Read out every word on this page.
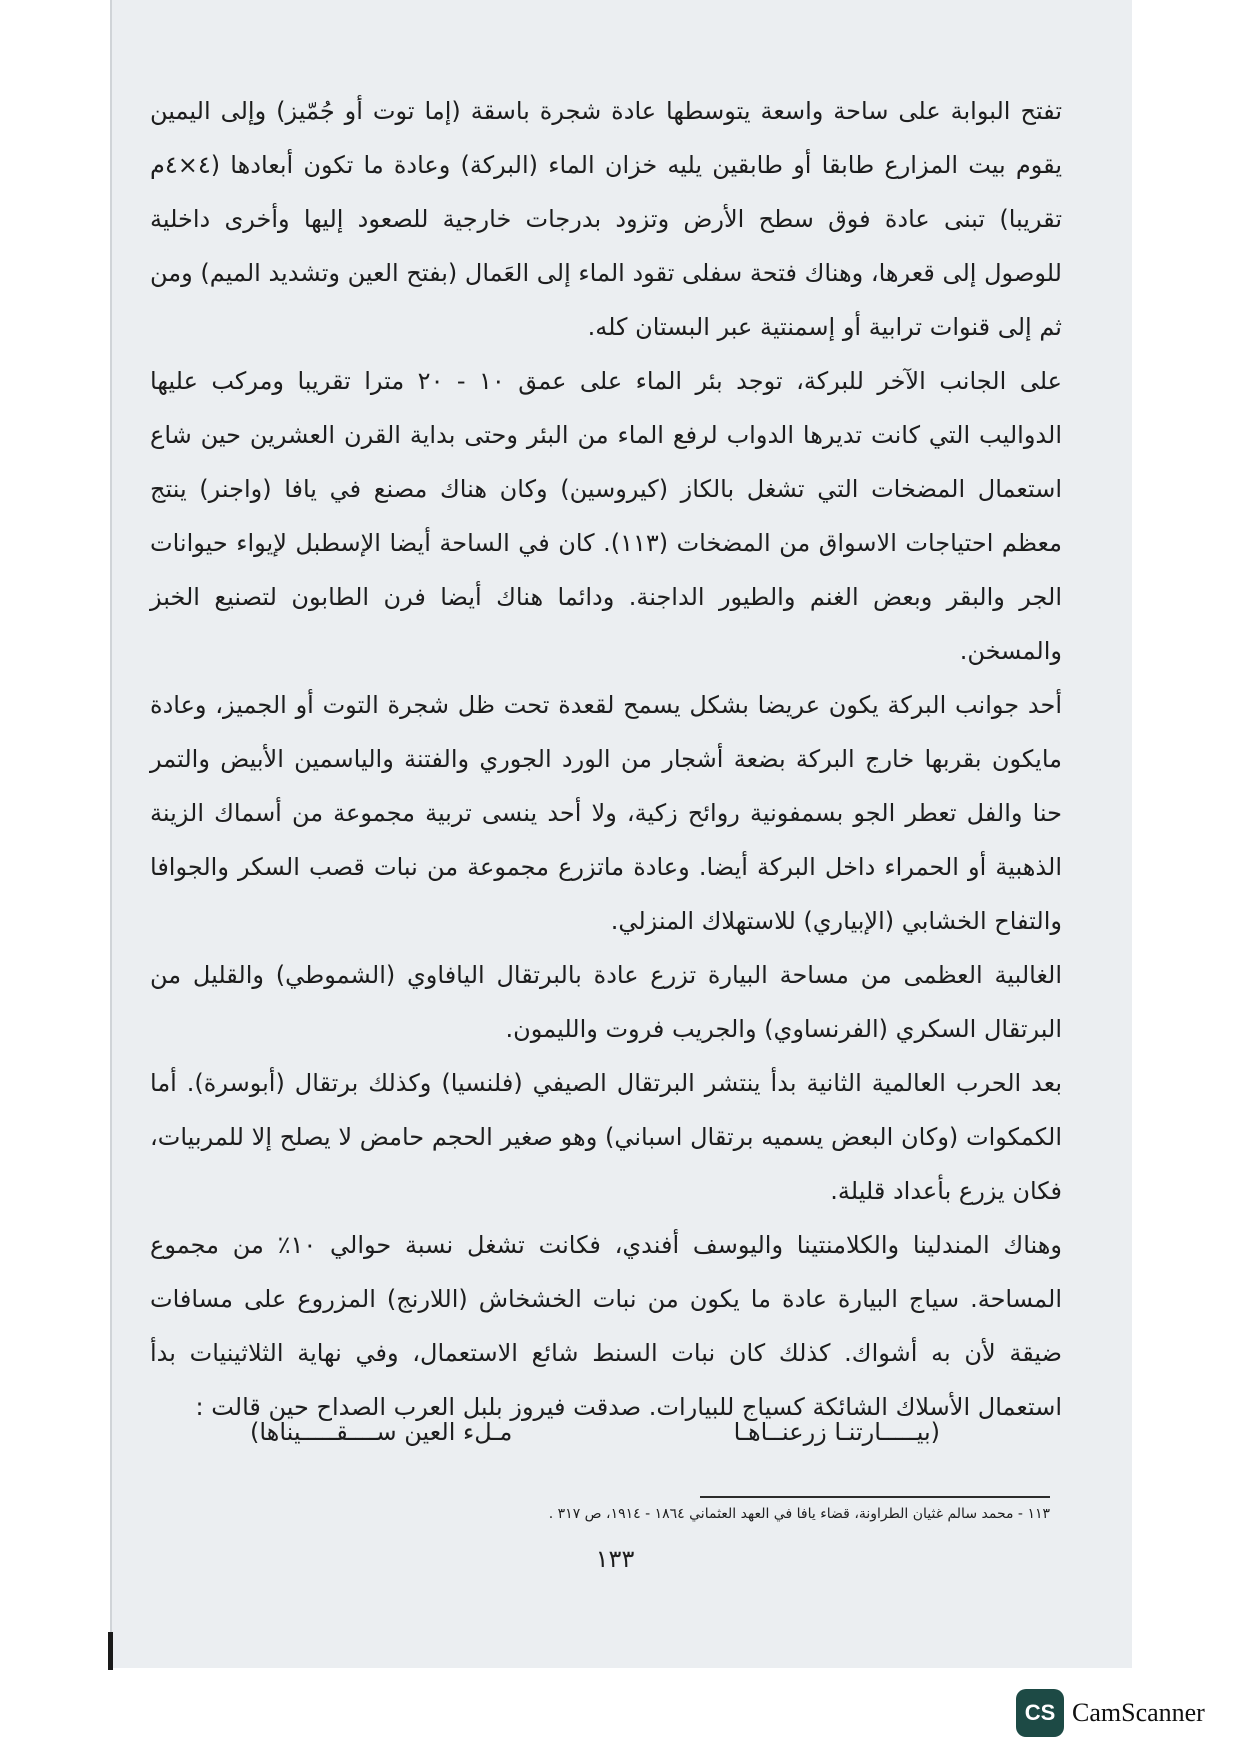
تفتح البوابة على ساحة واسعة يتوسطها عادة شجرة باسقة (إما توت أو جُمّيز) وإلى اليمين يقوم بيت المزارع طابقا أو طابقين يليه خزان الماء (البركة) وعادة ما تكون أبعادها (٤×٤م تقريبا) تبنى عادة فوق سطح الأرض وتزود بدرجات خارجية للصعود إليها وأخرى داخلية للوصول إلى قعرها، وهناك فتحة سفلى تقود الماء إلى العَمال (بفتح العين وتشديد الميم) ومن ثم إلى قنوات ترابية أو إسمنتية عبر البستان كله.

على الجانب الآخر للبركة، توجد بئر الماء على عمق ١٠ - ٢٠ مترا تقريبا ومركب عليها الدواليب التي كانت تديرها الدواب لرفع الماء من البئر وحتى بداية القرن العشرين حين شاع استعمال المضخات التي تشغل بالكاز (كيروسين) وكان هناك مصنع في يافا (واجنر) ينتج معظم احتياجات الاسواق من المضخات (١١٣). كان في الساحة أيضا الإسطبل لإيواء حيوانات الجر والبقر وبعض الغنم والطيور الداجنة. ودائما هناك أيضا فرن الطابون لتصنيع الخبز والمسخن.

أحد جوانب البركة يكون عريضا بشكل يسمح لقعدة تحت ظل شجرة التوت أو الجميز، وعادة مايكون بقربها خارج البركة بضعة أشجار من الورد الجوري والفتنة والياسمين الأبيض والتمر حنا والفل تعطر الجو بسمفونية روائح زكية، ولا أحد ينسى تربية مجموعة من أسماك الزينة الذهبية أو الحمراء داخل البركة أيضا. وعادة ماتزرع مجموعة من نبات قصب السكر والجوافا والتفاح الخشابي (الإبياري) للاستهلاك المنزلي.

الغالبية العظمى من مساحة البيارة تزرع عادة بالبرتقال اليافاوي (الشموطي) والقليل من البرتقال السكري (الفرنساوي) والجريب فروت والليمون.

بعد الحرب العالمية الثانية بدأ ينتشر البرتقال الصيفي (فلنسيا) وكذلك برتقال (أبوسرة). أما الكمكوات (وكان البعض يسميه برتقال اسباني) وهو صغير الحجم حامض لا يصلح إلا للمربيات، فكان يزرع بأعداد قليلة.

وهناك المندلينا والكلامنتينا واليوسف أفندي، فكانت تشغل نسبة حوالي ١٠٪ من مجموع المساحة. سياج البيارة عادة ما يكون من نبات الخشخاش (اللارنج) المزروع على مسافات ضيقة لأن به أشواك. كذلك كان نبات السنط شائع الاستعمال، وفي نهاية الثلاثينيات بدأ استعمال الأسلاك الشائكة كسياج للبيارات. صدقت فيروز بلبل العرب الصداح حين قالت :

(بيـــــارتنـا زرعنــاهـا
مـلء العين ســــقـــــيناها)
١١٣ - محمد سالم غثيان الطراونة، قضاء يافا في العهد العثماني ١٨٦٤ - ١٩١٤، ص ٣١٧ .
١٣٣
CS CamScanner
